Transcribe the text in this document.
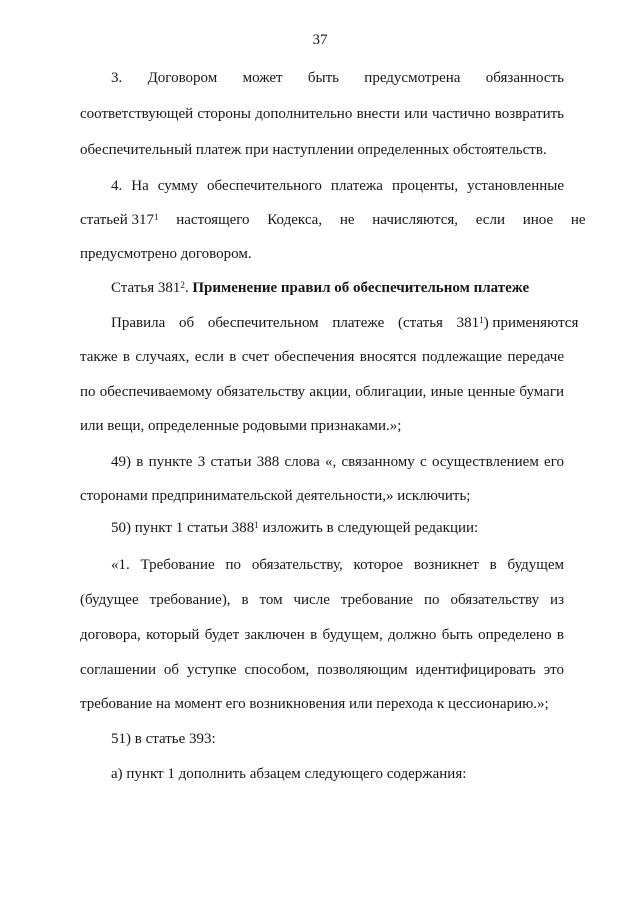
37
3. Договором может быть предусмотрена обязанность
соответствующей стороны дополнительно внести или частично возвратить
обеспечительный платеж при наступлении определенных обстоятельств.
4. На сумму обеспечительного платежа проценты, установленные
статьей $317^1$ настоящего Кодекса, не начисляются, если иное не
предусмотрено договором.
Статья $381^2$. Применение правил об обеспечительном платеже
Правила об обеспечительном платеже (статья $381^1$) применяются
также в случаях, если в счет обеспечения вносятся подлежащие передаче
по обеспечиваемому обязательству акции, облигации, иные ценные бумаги
или вещи, определенные родовыми признаками.»;
49) в пункте 3 статьи 388 слова «, связанному с осуществлением его
сторонами предпринимательской деятельности,» исключить;
50) пункт 1 статьи $388^1$ изложить в следующей редакции:
«1. Требование по обязательству, которое возникнет в будущем
(будущее требование), в том числе требование по обязательству из
договора, который будет заключен в будущем, должно быть определено в
соглашении об уступке способом, позволяющим идентифицировать это
требование на момент его возникновения или перехода к цессионарию.»;
51) в статье 393:
а) пункт 1 дополнить абзацем следующего содержания:
